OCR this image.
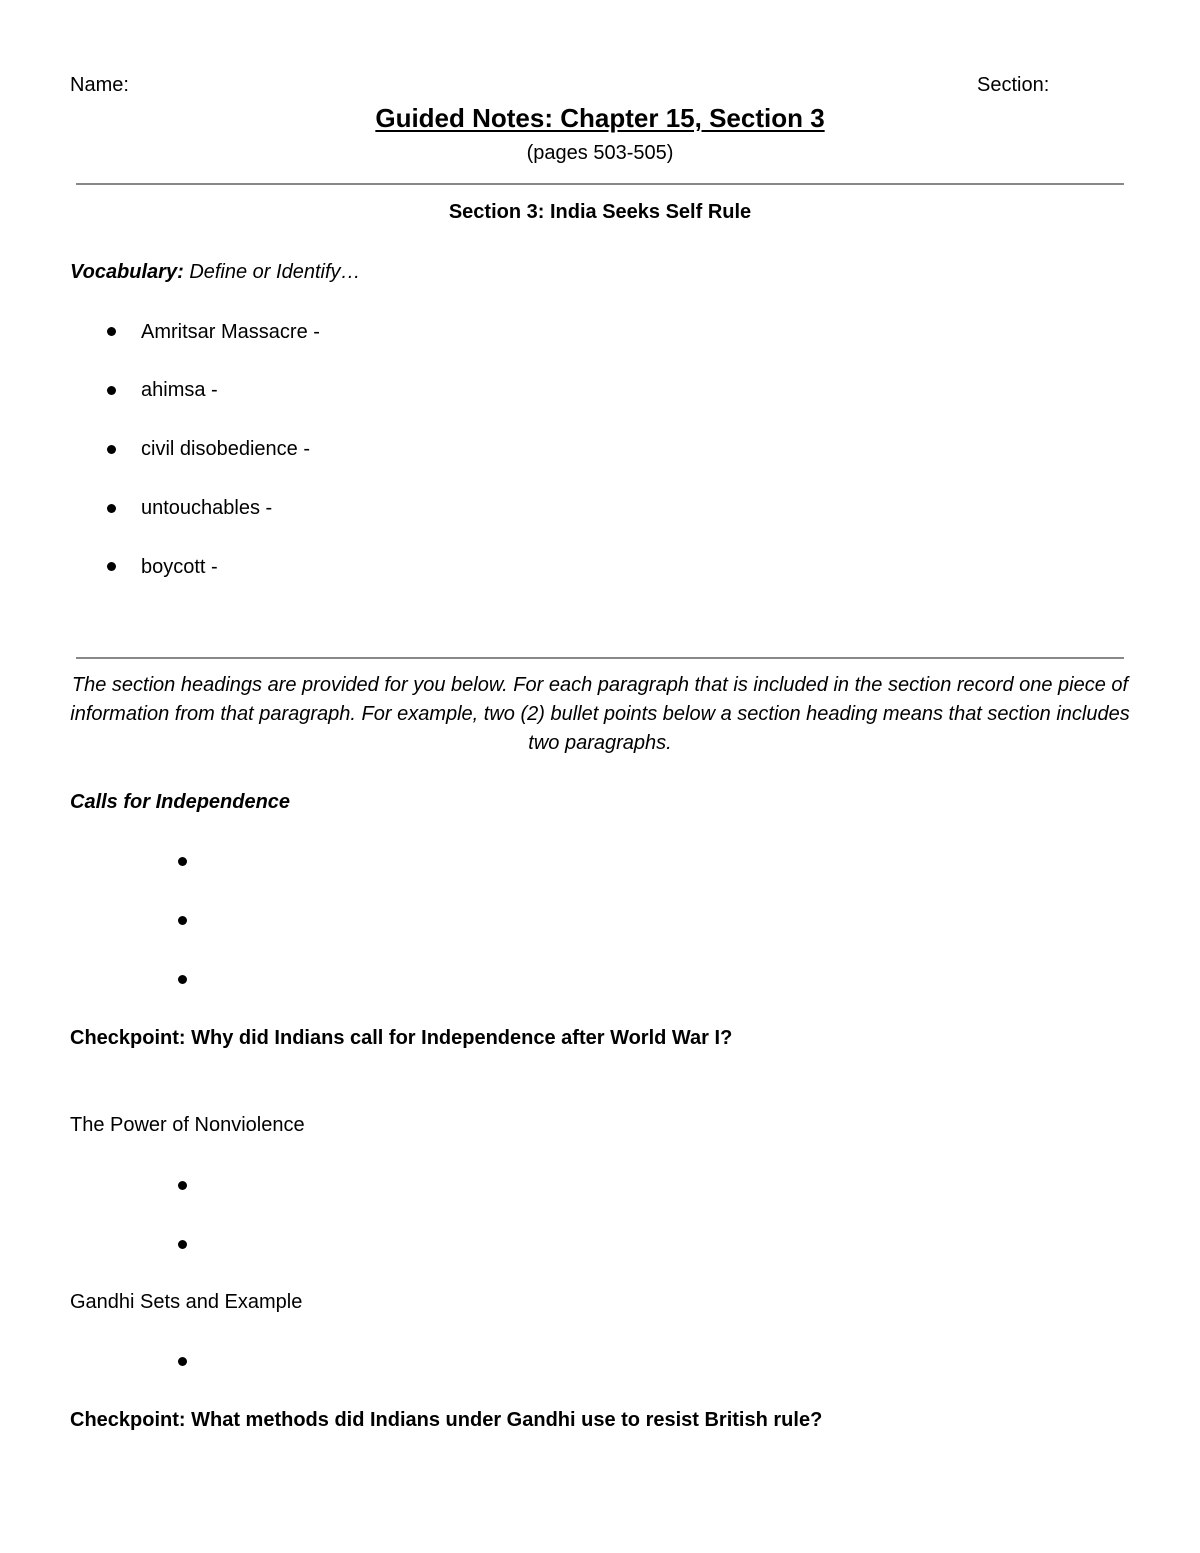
Name:	Section:
Guided Notes: Chapter 15, Section 3
(pages 503-505)
Section 3: India Seeks Self Rule
Vocabulary: Define or Identify…
Amritsar Massacre -
ahimsa -
civil disobedience -
untouchables -
boycott -
The section headings are provided for you below. For each paragraph that is included in the section record one piece of information from that paragraph. For example, two (2) bullet points below a section heading means that section includes two paragraphs.
Calls for Independence
Checkpoint: Why did Indians call for Independence after World War I?
The Power of Nonviolence
Gandhi Sets and Example
Checkpoint: What methods did Indians under Gandhi use to resist British rule?
